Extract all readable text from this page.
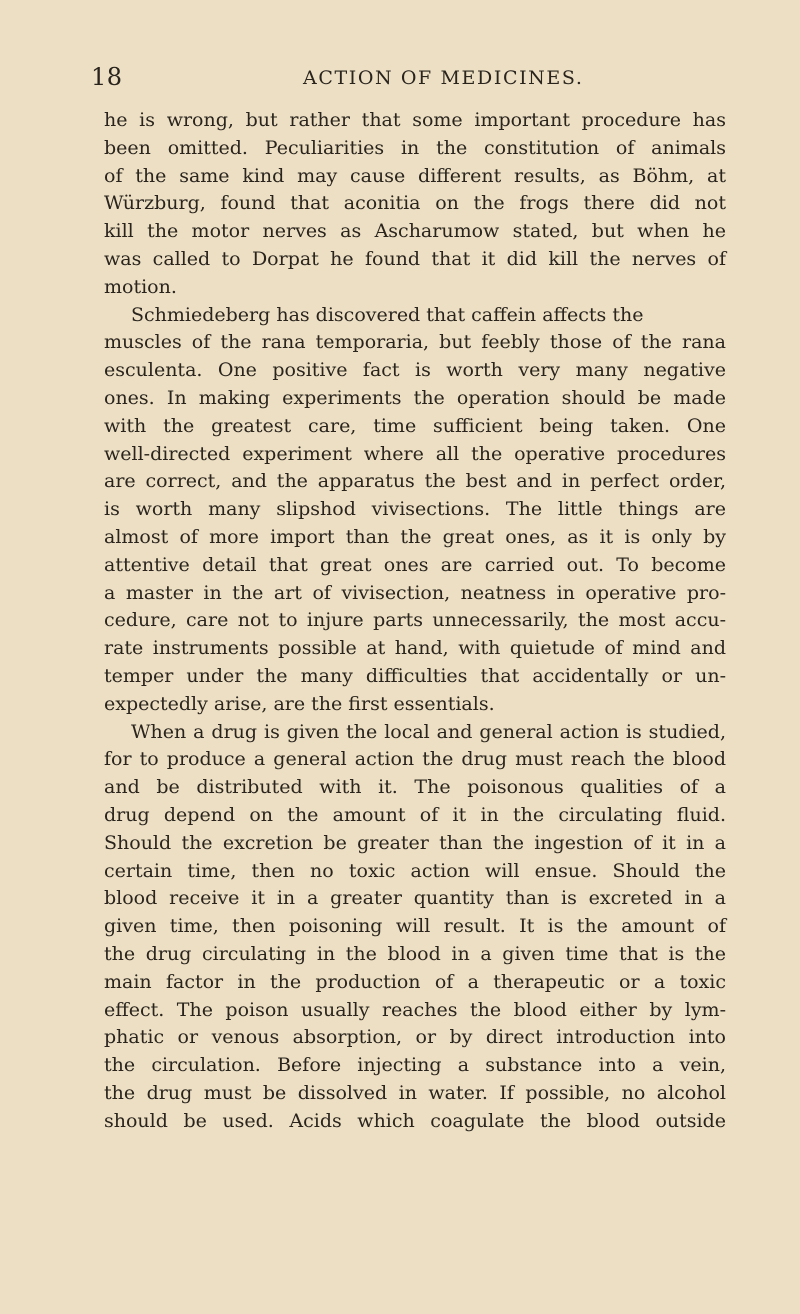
18	ACTION OF MEDICINES.
he is wrong, but rather that some important procedure has
been omitted. Peculiarities in the constitution of animals
of the same kind may cause different results, as Böhm, at
Würzburg, found that aconitia on the frogs there did not
kill the motor nerves as Ascharumow stated, but when he
was called to Dorpat he found that it did kill the nerves of
motion.
Schmiedeberg has discovered that caffein affects the
muscles of the rana temporaria, but feebly those of the rana
esculenta. One positive fact is worth very many negative
ones. In making experiments the operation should be made
with the greatest care, time sufficient being taken. One
well-directed experiment where all the operative procedures
are correct, and the apparatus the best and in perfect order,
is worth many slipshod vivisections. The little things are
almost of more import than the great ones, as it is only by
attentive detail that great ones are carried out. To become
a master in the art of vivisection, neatness in operative pro-
cedure, care not to injure parts unnecessarily, the most accu-
rate instruments possible at hand, with quietude of mind and
temper under the many difficulties that accidentally or un-
expectedly arise, are the first essentials.
When a drug is given the local and general action is studied,
for to produce a general action the drug must reach the blood
and be distributed with it. The poisonous qualities of a
drug depend on the amount of it in the circulating fluid.
Should the excretion be greater than the ingestion of it in a
certain time, then no toxic action will ensue. Should the
blood receive it in a greater quantity than is excreted in a
given time, then poisoning will result. It is the amount of
the drug circulating in the blood in a given time that is the
main factor in the production of a therapeutic or a toxic
effect. The poison usually reaches the blood either by lym-
phatic or venous absorption, or by direct introduction into
the circulation. Before injecting a substance into a vein,
the drug must be dissolved in water. If possible, no alcohol
should be used. Acids which coagulate the blood outside
